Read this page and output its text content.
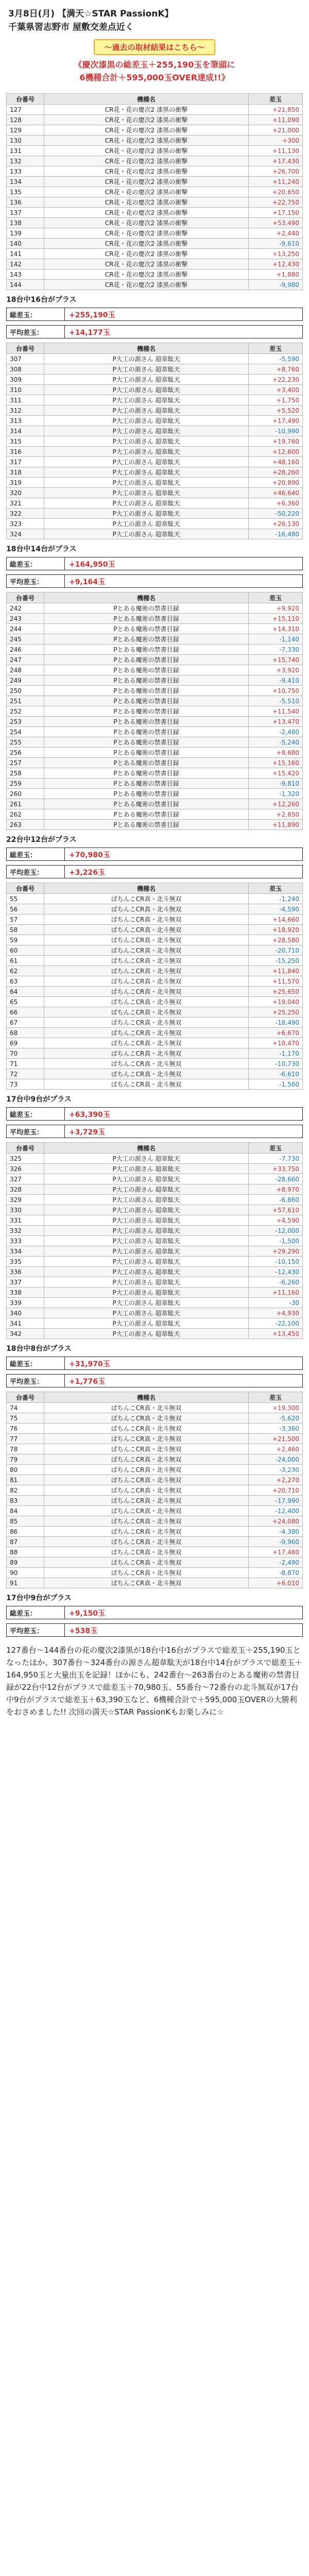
3月8日(月) 【満天☆STAR PassionK】
千葉県習志野市 屋敷交差点近く
～過去の取材結果はこちら～
《慶次漆黒の総差玉＋255,190玉を筆頭に
6機種合計＋595,000玉OVER達成!!》
台番号	機種名	差玉
127	CR花・花の慶次2 漆黒の衝撃	+21,850
128	CR花・花の慶次2 漆黒の衝撃	+11,090
129	CR花・花の慶次2 漆黒の衝撃	+21,000
130	CR花・花の慶次2 漆黒の衝撃	+300
131	CR花・花の慶次2 漆黒の衝撃	+11,130
132	CR花・花の慶次2 漆黒の衝撃	+17,430
133	CR花・花の慶次2 漆黒の衝撃	+26,700
134	CR花・花の慶次2 漆黒の衝撃	+11,240
135	CR花・花の慶次2 漆黒の衝撃	+20,650
136	CR花・花の慶次2 漆黒の衝撃	+22,750
137	CR花・花の慶次2 漆黒の衝撃	+17,150
138	CR花・花の慶次2 漆黒の衝撃	+53,490
139	CR花・花の慶次2 漆黒の衝撃	+2,440
140	CR花・花の慶次2 漆黒の衝撃	-9,610
141	CR花・花の慶次2 漆黒の衝撃	+13,250
142	CR花・花の慶次2 漆黒の衝撃	+12,430
143	CR花・花の慶次2 漆黒の衝撃	+1,880
144	CR花・花の慶次2 漆黒の衝撃	-9,980
18台中16台がプラス
総差玉：	+255,190玉
平均差玉：	+14,177玉
台番号	機種名	差玉
307	P大工の源さん 超韋駄天	-5,590
308	P大工の源さん 超韋駄天	+8,760
309	P大工の源さん 超韋駄天	+22,230
310	P大工の源さん 超韋駄天	+3,400
311	P大工の源さん 超韋駄天	+1,750
312	P大工の源さん 超韋駄天	+5,520
313	P大工の源さん 超韋駄天	+17,490
314	P大工の源さん 超韋駄天	-10,990
315	P大工の源さん 超韋駄天	+19,760
316	P大工の源さん 超韋駄天	+12,600
317	P大工の源さん 超韋駄天	+48,160
318	P大工の源さん 超韋駄天	+28,260
319	P大工の源さん 超韋駄天	+20,890
320	P大工の源さん 超韋駄天	+46,640
321	P大工の源さん 超韋駄天	+6,360
322	P大工の源さん 超韋駄天	-50,220
323	P大工の源さん 超韋駄天	+26,130
324	P大工の源さん 超韋駄天	-16,480
18台中14台がプラス
総差玉：	+164,950玉
平均差玉：	+9,164玉
台番号	機種名	差玉
242	Pとある魔術の禁書目録	+9,920
243	Pとある魔術の禁書目録	+15,110
244	Pとある魔術の禁書目録	+14,310
245	Pとある魔術の禁書目録	-1,140
246	Pとある魔術の禁書目録	-7,330
247	Pとある魔術の禁書目録	+15,740
248	Pとある魔術の禁書目録	+3,920
249	Pとある魔術の禁書目録	-9,410
250	Pとある魔術の禁書目録	+10,750
251	Pとある魔術の禁書目録	-5,510
252	Pとある魔術の禁書目録	+11,540
253	Pとある魔術の禁書目録	+13,470
254	Pとある魔術の禁書目録	-2,480
255	Pとある魔術の禁書目録	-5,240
256	Pとある魔術の禁書目録	+8,680
257	Pとある魔術の禁書目録	+15,160
258	Pとある魔術の禁書目録	+15,420
259	Pとある魔術の禁書目録	-9,810
260	Pとある魔術の禁書目録	-1,320
261	Pとある魔術の禁書目録	+12,260
262	Pとある魔術の禁書目録	+2,650
263	Pとある魔術の禁書目録	+11,890
22台中12台がプラス
総差玉：	+70,980玉
平均差玉：	+3,226玉
台番号	機種名	差玉
55	ぱちんこCR真・北斗無双	-1,240
56	ぱちんこCR真・北斗無双	-4,590
57	ぱちんこCR真・北斗無双	+14,660
58	ぱちんこCR真・北斗無双	+18,920
59	ぱちんこCR真・北斗無双	+28,580
60	ぱちんこCR真・北斗無双	-20,710
61	ぱちんこCR真・北斗無双	-15,250
62	ぱちんこCR真・北斗無双	+11,840
63	ぱちんこCR真・北斗無双	+11,570
64	ぱちんこCR真・北斗無双	+25,650
65	ぱちんこCR真・北斗無双	+19,040
66	ぱちんこCR真・北斗無双	+25,250
67	ぱちんこCR真・北斗無双	-18,490
68	ぱちんこCR真・北斗無双	+6,670
69	ぱちんこCR真・北斗無双	+10,470
70	ぱちんこCR真・北斗無双	-1,170
71	ぱちんこCR真・北斗無双	-10,730
72	ぱちんこCR真・北斗無双	-6,610
73	ぱちんこCR真・北斗無双	-1,560
17台中9台がプラス
総差玉：	+63,390玉
平均差玉：	+3,729玉
台番号	機種名	差玉
325	P大工の源さん 超韋駄天	-7,730
326	P大工の源さん 超韋駄天	+33,750
327	P大工の源さん 超韋駄天	-28,660
328	P大工の源さん 超韋駄天	+8,970
329	P大工の源さん 超韋駄天	-6,860
330	P大工の源さん 超韋駄天	+57,610
331	P大工の源さん 超韋駄天	+4,590
332	P大工の源さん 超韋駄天	-12,000
333	P大工の源さん 超韋駄天	-1,500
334	P大工の源さん 超韋駄天	+29,290
335	P大工の源さん 超韋駄天	-10,150
336	P大工の源さん 超韋駄天	-12,430
337	P大工の源さん 超韋駄天	-6,260
338	P大工の源さん 超韋駄天	+11,160
339	P大工の源さん 超韋駄天	-30
340	P大工の源さん 超韋駄天	+4,930
341	P大工の源さん 超韋駄天	-22,100
342	P大工の源さん 超韋駄天	+13,450
18台中8台がプラス
総差玉：	+31,970玉
平均差玉：	+1,776玉
台番号	機種名	差玉
74	ぱちんこCR真・北斗無双	+19,300
75	ぱちんこCR真・北斗無双	-5,620
76	ぱちんこCR真・北斗無双	-3,360
77	ぱちんこCR真・北斗無双	+21,500
78	ぱちんこCR真・北斗無双	+2,460
79	ぱちんこCR真・北斗無双	-24,000
80	ぱちんこCR真・北斗無双	-3,230
81	ぱちんこCR真・北斗無双	+2,270
82	ぱちんこCR真・北斗無双	+20,710
83	ぱちんこCR真・北斗無双	-17,990
84	ぱちんこCR真・北斗無双	-12,400
85	ぱちんこCR真・北斗無双	+24,080
86	ぱちんこCR真・北斗無双	-4,380
87	ぱちんこCR真・北斗無双	-9,960
88	ぱちんこCR真・北斗無双	+17,480
89	ぱちんこCR真・北斗無双	-2,490
90	ぱちんこCR真・北斗無双	-8,870
91	ぱちんこCR真・北斗無双	+6,010
17台中9台がプラス
総差玉：	+9,150玉
平均差玉：	+538玉
127番台～144番台の花の慶次2漆黒が18台中16台がプラスで総差玉＋255,190玉となったほか、307番台～324番台の源さん超韋駄天が18台中14台がプラスで総差玉＋164,950玉と大量出玉を記録！ほかにも、242番台～263番台のとある魔術の禁書目録が22台中12台がプラスで総差玉＋70,980玉、55番台～72番台の北斗無双が17台中9台がプラスで総差玉＋63,390玉など、6機種合計で＋595,000玉OVERの大勝利をおさめました!! 次回の満天☆STAR PassionKもお楽しみに☆
